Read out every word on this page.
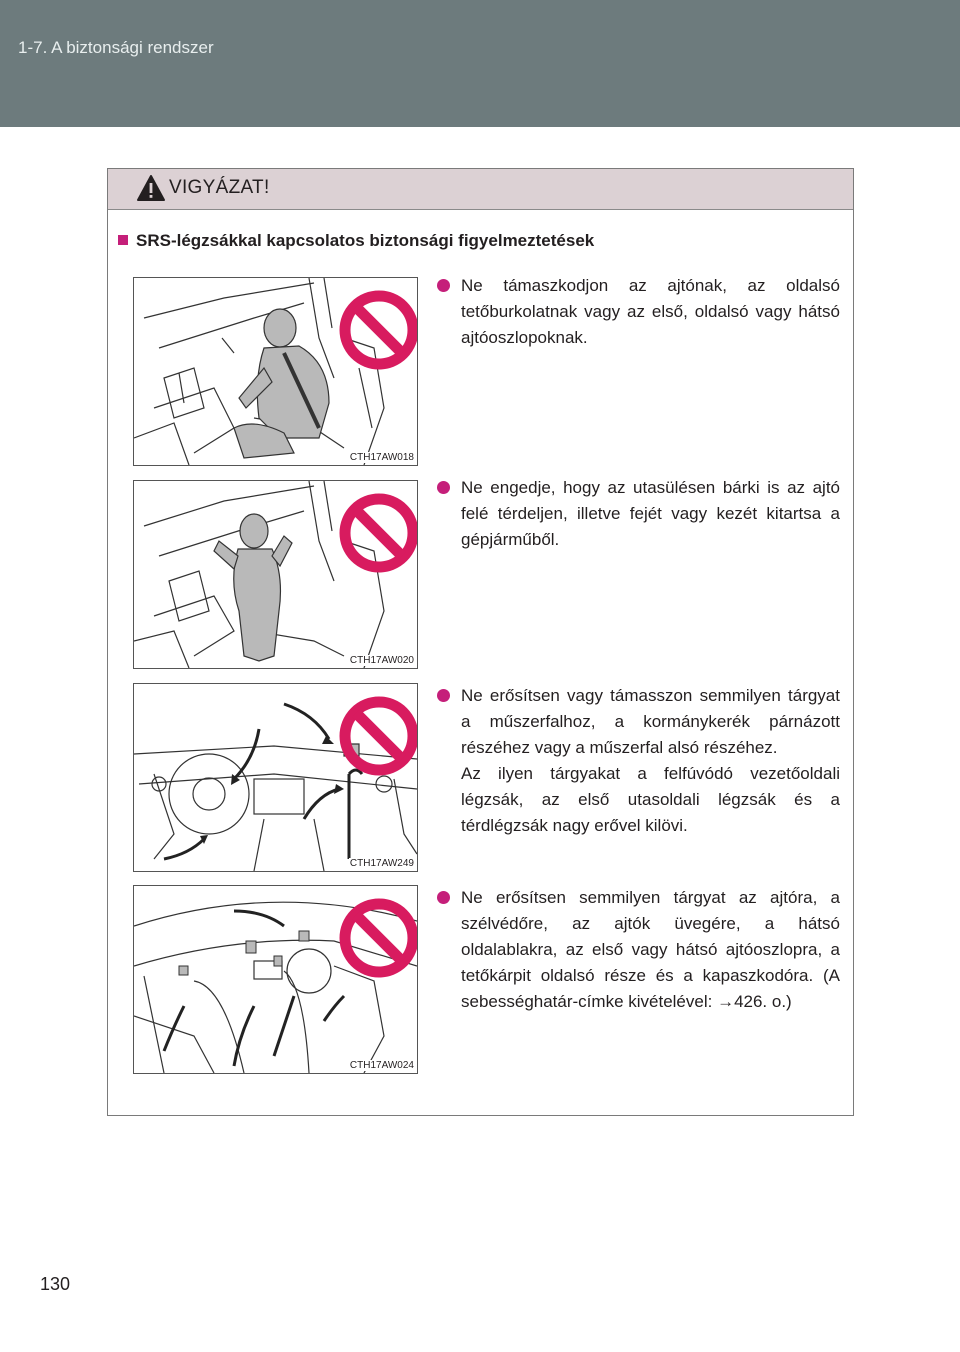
1-7. A biztonsági rendszer
VIGYÁZAT!
SRS-légzsákkal kapcsolatos biztonsági figyelmeztetések
CTH17AW018

Ne támaszkodjon az ajtónak, az oldalsó tetőburkolatnak vagy az első, oldalsó vagy hátsó ajtóoszlopoknak.

CTH17AW020

Ne engedje, hogy az utasülésen bárki is az ajtó felé térdeljen, illetve fejét vagy kezét kitartsa a gépjárműből.

CTH17AW249

Ne erősítsen vagy támasszon semmilyen tárgyat a műszerfalhoz, a kormánykerék párnázott részéhez vagy a műszerfal alsó részéhez.

Az ilyen tárgyakat a felfúvódó vezetőoldali légzsák, az első utasoldali légzsák és a térdlégzsák nagy erővel kilövi.

CTH17AW024

Ne erősítsen semmilyen tárgyat az ajtóra, a szélvédőre, az ajtók üvegére, a hátsó oldalablakra, az első vagy hátsó ajtóoszlopra, a tetőkárpit oldalsó része és a kapaszkodóra. (A sebességhatár-címke kivételével: →426. o.)

130
